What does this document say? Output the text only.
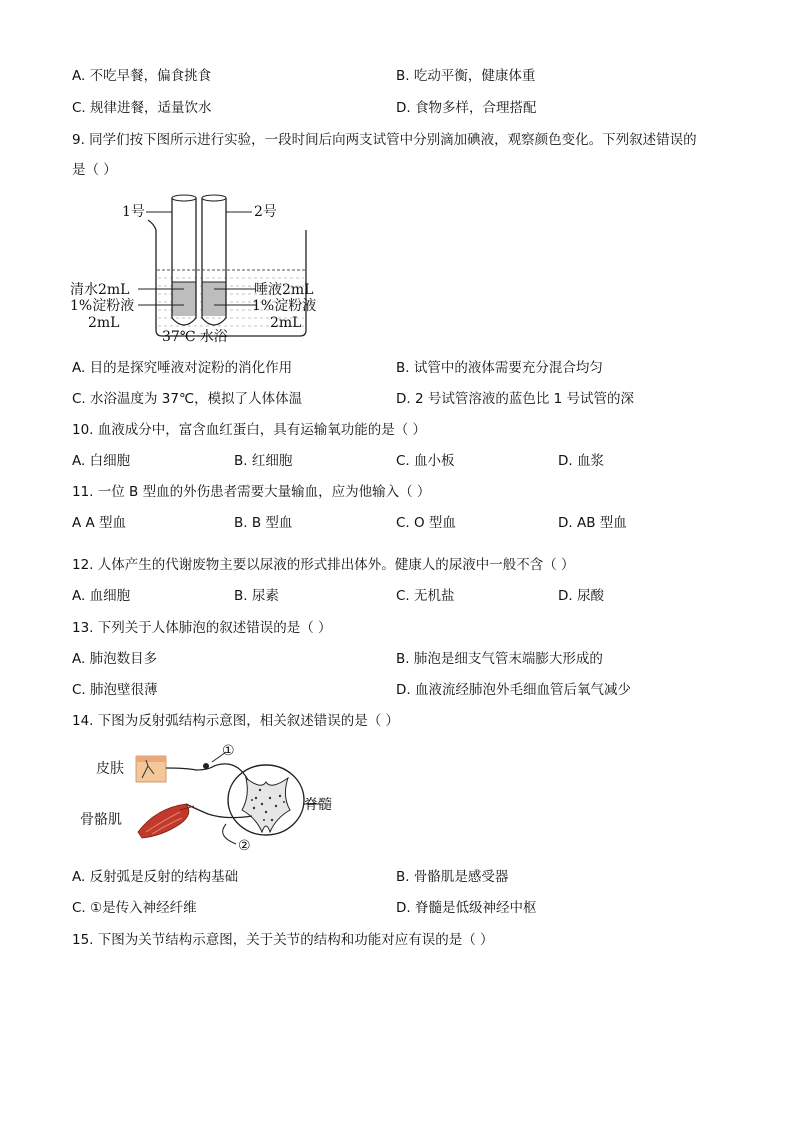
A. 不吃早餐，偏食挑食	B. 吃动平衡，健康体重
C. 规律进餐，适量饮水	D. 食物多样，合理搭配
9. 同学们按下图所示进行实验，一段时间后向两支试管中分别滴加碘液，观察颜色变化。下列叙述错误的
是（ ）
1号	2号
清水2mL
1%淀粉液
2mL
唾液2mL
1%淀粉液
2mL
37℃ 水浴
A. 目的是探究唾液对淀粉的消化作用	B. 试管中的液体需要充分混合均匀
C. 水浴温度为 37℃，模拟了人体体温	D. 2 号试管溶液的蓝色比 1 号试管的深
10. 血液成分中，富含血红蛋白，具有运输氧功能的是（ ）
A. 白细胞	B. 红细胞	C. 血小板	D. 血浆
11. 一位 B 型血的外伤患者需要大量输血，应为他输入（ ）
A A 型血	B. B 型血	C. O 型血	D. AB 型血
12. 人体产生的代谢废物主要以尿液的形式排出体外。健康人的尿液中一般不含（ ）
A. 血细胞	B. 尿素	C. 无机盐	D. 尿酸
13. 下列关于人体肺泡的叙述错误的是（ ）
A. 肺泡数目多	B. 肺泡是细支气管末端膨大形成的
C. 肺泡壁很薄	D. 血液流经肺泡外毛细血管后氧气减少
14. 下图为反射弧结构示意图，相关叙述错误的是（ ）
皮肤
脊髓
①
②
骨骼肌
A. 反射弧是反射的结构基础	B. 骨骼肌是感受器
C. ①是传入神经纤维	D. 脊髓是低级神经中枢
15. 下图为关节结构示意图，关于关节的结构和功能对应有误的是（ ）
